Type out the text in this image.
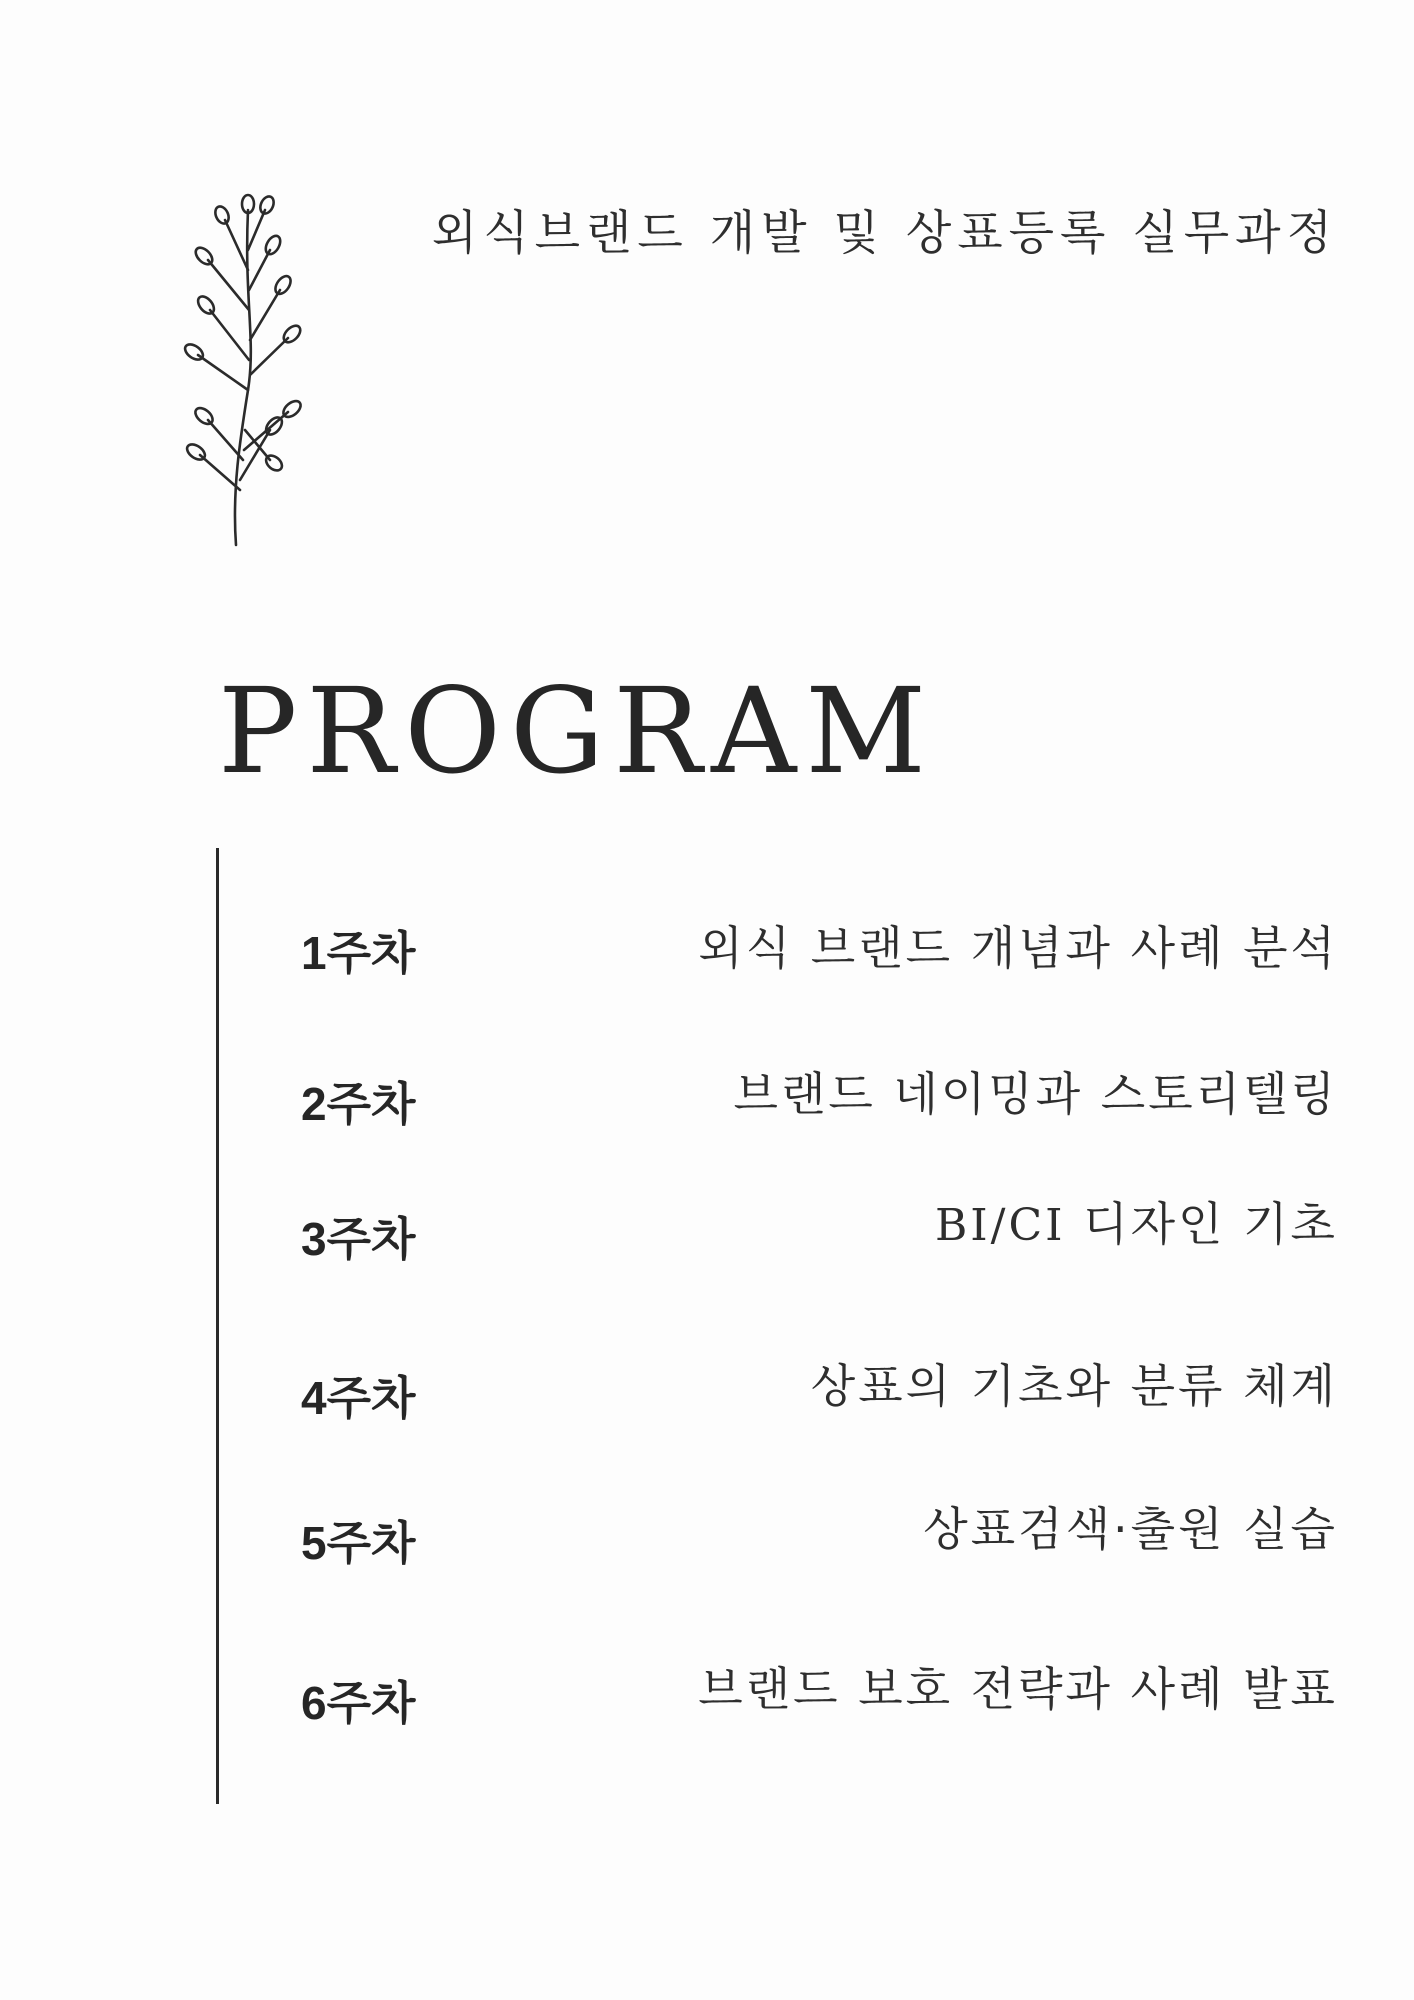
외식브랜드 개발 및 상표등록 실무과정
PROGRAM
1주차	외식 브랜드 개념과 사례 분석
2주차	브랜드 네이밍과 스토리텔링
3주차	BI/CI 디자인 기초
4주차	상표의 기초와 분류 체계
5주차	상표검색·출원 실습
6주차	브랜드 보호 전략과 사례 발표
